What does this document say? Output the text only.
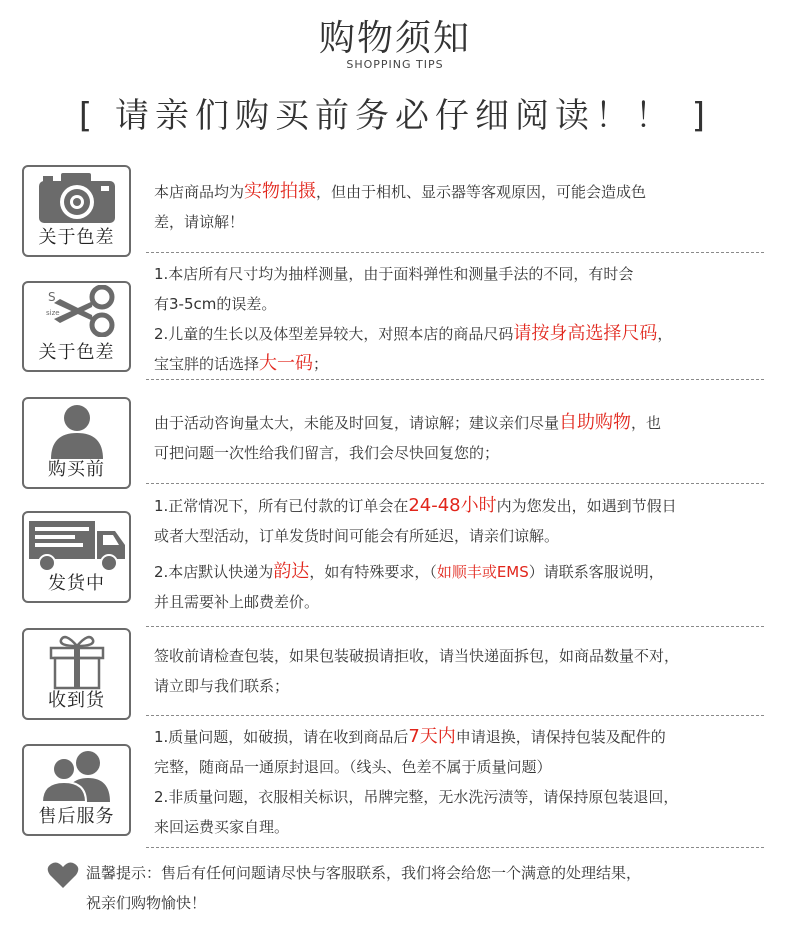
购物须知
SHOPPING TIPS
[ 请亲们购买前务必仔细阅读！！ ]
关于色差

本店商品均为实物拍摄，但由于相机、显示器等客观原因，可能会造成色

差，请谅解！

S
size
关于色差

1.本店所有尺寸均为抽样测量，由于面料弹性和测量手法的不同，有时会

有3-5cm的误差。

2.儿童的生长以及体型差异较大，对照本店的商品尺码请按身高选择尺码，

宝宝胖的话选择大一码；

购买前

由于活动咨询量太大，未能及时回复，请谅解；建议亲们尽量自助购物，也

可把问题一次性给我们留言，我们会尽快回复您的；

发货中

1.正常情况下，所有已付款的订单会在24-48小时内为您发出，如遇到节假日

或者大型活动，订单发货时间可能会有所延迟，请亲们谅解。

2.本店默认快递为韵达，如有特殊要求，（如顺丰或EMS）请联系客服说明，

并且需要补上邮费差价。

收到货

签收前请检查包装，如果包装破损请拒收，请当快递面拆包，如商品数量不对，

请立即与我们联系；

售后服务

1.质量问题，如破损，请在收到商品后7天内申请退换，请保持包装及配件的

完整，随商品一通原封退回。（线头、色差不属于质量问题）

2.非质量问题，衣服相关标识，吊牌完整，无水洗污渍等，请保持原包装退回，

来回运费买家自理。

温馨提示：售后有任何问题请尽快与客服联系，我们将会给您一个满意的处理结果，

祝亲们购物愉快！
